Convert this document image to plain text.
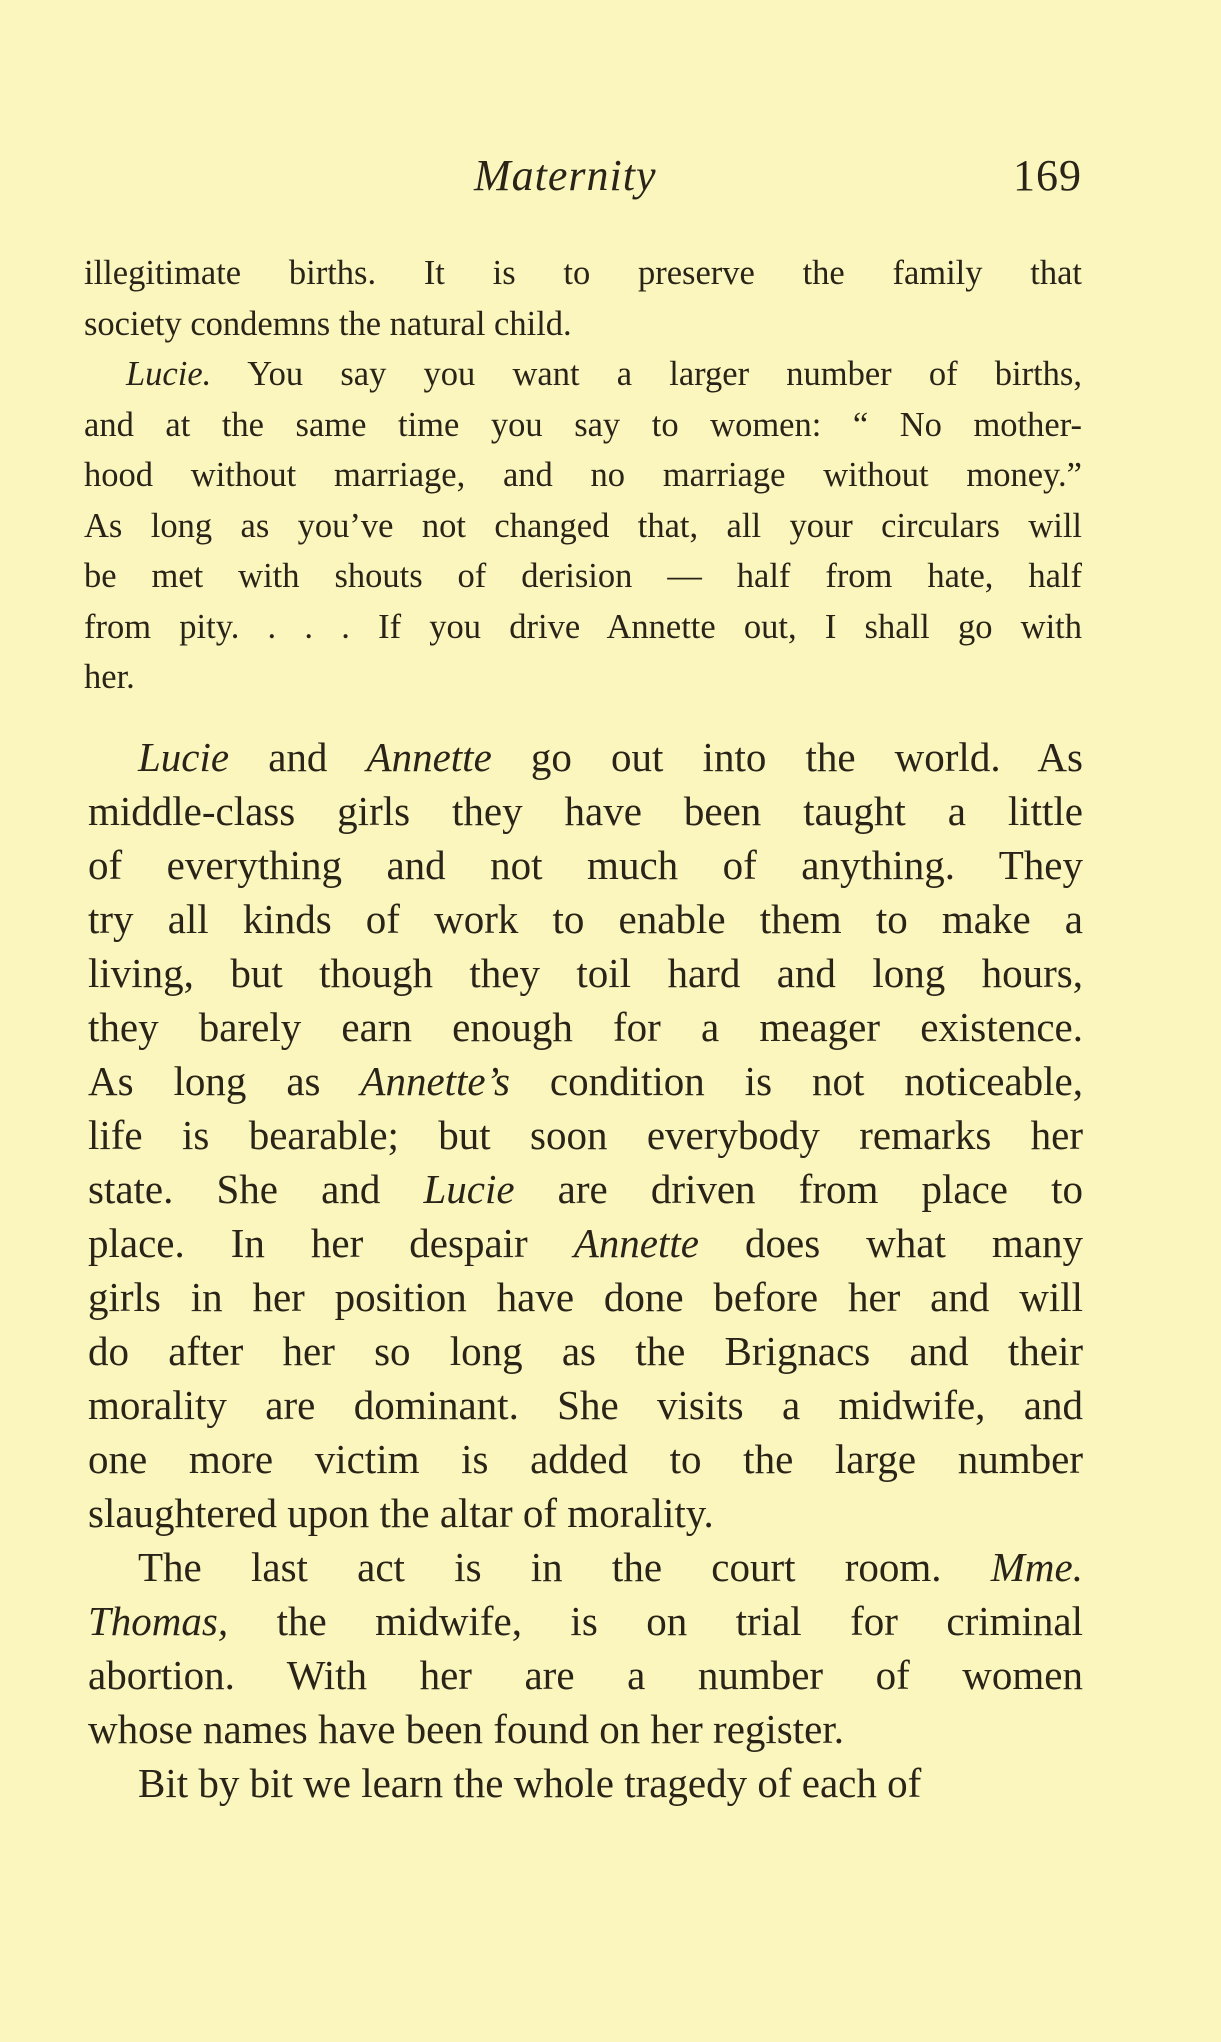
Maternity	169
illegitimate births. It is to preserve the family that
society condemns the natural child.
Lucie. You say you want a larger number of births,
and at the same time you say to women: “ No mother-
hood without marriage, and no marriage without money.”
As long as you’ve not changed that, all your circulars will
be met with shouts of derision — half from hate, half
from pity. . . . If you drive Annette out, I shall go with
her.
Lucie and Annette go out into the world. As
middle-class girls they have been taught a little
of everything and not much of anything. They
try all kinds of work to enable them to make a
living, but though they toil hard and long hours,
they barely earn enough for a meager existence.
As long as Annette’s condition is not noticeable,
life is bearable; but soon everybody remarks her
state. She and Lucie are driven from place to
place. In her despair Annette does what many
girls in her position have done before her and will
do after her so long as the Brignacs and their
morality are dominant. She visits a midwife, and
one more victim is added to the large number
slaughtered upon the altar of morality.
The last act is in the court room. Mme.
Thomas, the midwife, is on trial for criminal
abortion. With her are a number of women
whose names have been found on her register.
Bit by bit we learn the whole tragedy of each of
